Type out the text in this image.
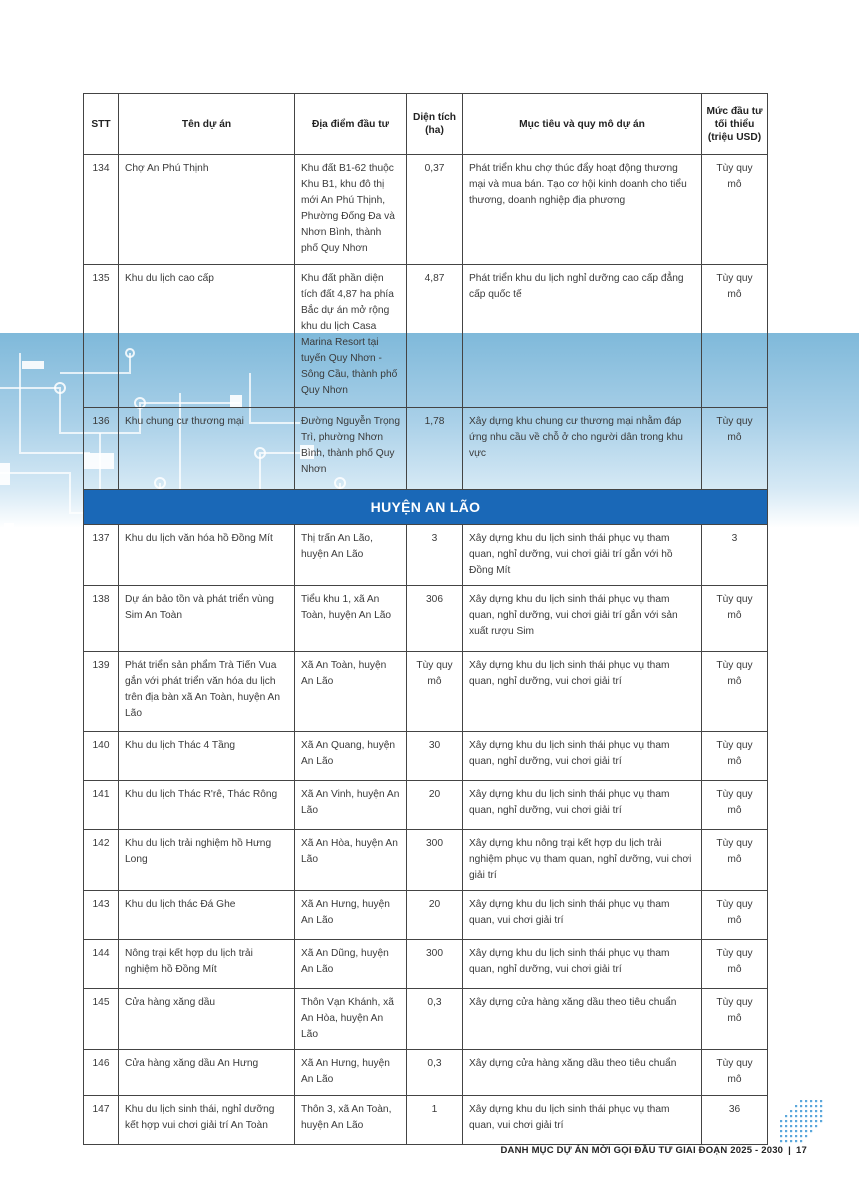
STT	Tên dự án	Địa điểm đầu tư	Diện tích (ha)	Mục tiêu và quy mô dự án	Mức đầu tư tối thiểu (triệu USD)
134	Chợ An Phú Thịnh	Khu đất B1-62 thuộc Khu B1, khu đô thị mới An Phú Thịnh, Phường Đống Đa và Nhơn Bình, thành phố Quy Nhơn	0,37	Phát triển khu chợ thúc đẩy hoạt động thương mại và mua bán. Tạo cơ hội kinh doanh cho tiểu thương, doanh nghiệp địa phương	Tùy quy mô
135	Khu du lịch cao cấp	Khu đất phần diện tích đất 4,87 ha phía Bắc dự án mở rộng khu du lịch Casa Marina Resort tại tuyến Quy Nhơn - Sông Cầu, thành phố Quy Nhơn	4,87	Phát triển khu du lịch nghỉ dưỡng cao cấp đẳng cấp quốc tế	Tùy quy mô
136	Khu chung cư thương mại	Đường Nguyễn Trọng Trì, phường Nhơn Bình, thành phố Quy Nhơn	1,78	Xây dựng khu chung cư thương mại nhằm đáp ứng nhu cầu về chỗ ở cho người dân trong khu vực	Tùy quy mô
HUYỆN AN LÃO					
137	Khu du lịch văn hóa hồ Đồng Mít	Thị trấn An Lão, huyện An Lão	3	Xây dựng khu du lịch sinh thái phục vụ tham quan, nghỉ dưỡng, vui chơi giải trí gắn với hồ Đồng Mít	3
138	Dự án bảo tồn và phát triển vùng Sim An Toàn	Tiểu khu 1, xã An Toàn, huyện An Lão	306	Xây dựng khu du lịch sinh thái phục vụ tham quan, nghỉ dưỡng, vui chơi giải trí gắn với sản xuất rượu Sim	Tùy quy mô
139	Phát triển sản phẩm Trà Tiến Vua gắn với phát triển văn hóa du lịch trên địa bàn xã An Toàn, huyện An Lão	Xã An Toàn, huyện An Lão	Tùy quy mô	Xây dựng khu du lịch sinh thái phục vụ tham quan, nghỉ dưỡng, vui chơi giải trí	Tùy quy mô
140	Khu du lịch Thác 4 Tầng	Xã An Quang, huyện An Lão	30	Xây dựng khu du lịch sinh thái phục vụ tham quan, nghỉ dưỡng, vui chơi giải trí	Tùy quy mô
141	Khu du lịch Thác R'rê, Thác Rông	Xã An Vinh, huyện An Lão	20	Xây dựng khu du lịch sinh thái phục vụ tham quan, nghỉ dưỡng, vui chơi giải trí	Tùy quy mô
142	Khu du lịch trải nghiệm hồ Hưng Long	Xã An Hòa, huyện An Lão	300	Xây dựng khu nông trại kết hợp du lịch trải nghiệm phục vụ tham quan, nghỉ dưỡng, vui chơi giải trí	Tùy quy mô
143	Khu du lịch thác Đá Ghe	Xã An Hưng, huyện An Lão	20	Xây dựng khu du lịch sinh thái phục vụ tham quan, vui chơi giải trí	Tùy quy mô
144	Nông trại kết hợp du lịch trải nghiệm hồ Đồng Mít	Xã An Dũng, huyện An Lão	300	Xây dựng khu du lịch sinh thái phục vụ tham quan, nghỉ dưỡng, vui chơi giải trí	Tùy quy mô
145	Cửa hàng xăng dầu	Thôn Vạn Khánh, xã An Hòa, huyện An Lão	0,3	Xây dựng cửa hàng xăng dầu theo tiêu chuẩn	Tùy quy mô
146	Cửa hàng xăng dầu An Hưng	Xã An Hưng, huyện An Lão	0,3	Xây dựng cửa hàng xăng dầu theo tiêu chuẩn	Tùy quy mô
147	Khu du lịch sinh thái, nghỉ dưỡng kết hợp vui chơi giải trí An Toàn	Thôn 3, xã An Toàn, huyện An Lão	1	Xây dựng khu du lịch sinh thái phục vụ tham quan, vui chơi giải trí	36
DANH MỤC DỰ ÁN MỜI GỌI ĐẦU TƯ GIAI ĐOẠN 2025 - 2030 | 17
